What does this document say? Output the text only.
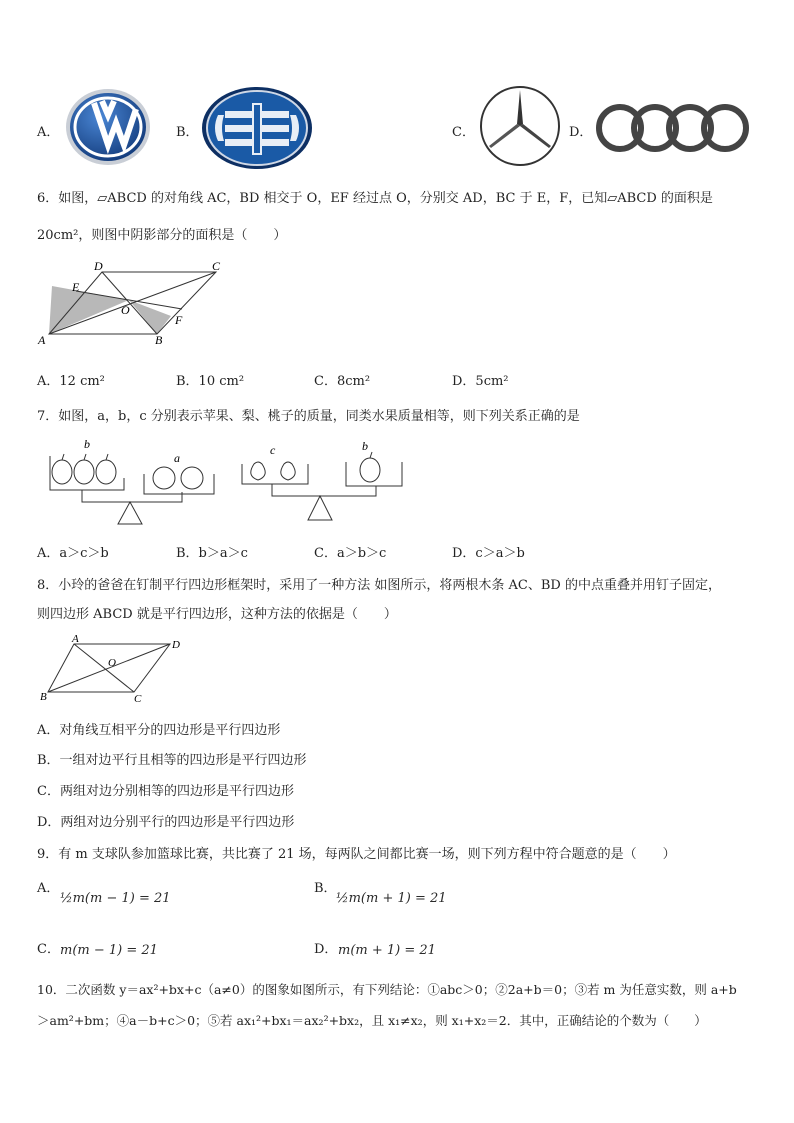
A．	B．	C．	D．
6．如图，▱ABCD 的对角线 AC，BD 相交于 O，EF 经过点 O，分别交 AD，BC 于 E，F，已知▱ABCD 的面积是
20cm²，则图中阴影部分的面积是（　　）
D	C
E
O
F
A	B
A．12 cm²	B．10 cm²	C．8cm²	D．5cm²
7．如图，a，b，c 分别表示苹果、梨、桃子的质量，同类水果质量相等，则下列关系正确的是
b
a
c	b
A．a＞c＞b	B．b＞a＞c	C．a＞b＞c	D．c＞a＞b
8．小玲的爸爸在钉制平行四边形框架时，采用了一种方法 如图所示，将两根木条 AC、BD 的中点重叠并用钉子固定，
则四边形 ABCD 就是平行四边形，这种方法的依据是（　　）
A	D
O
B	C
A．对角线互相平分的四边形是平行四边形
B．一组对边平行且相等的四边形是平行四边形
C．两组对边分别相等的四边形是平行四边形
D．两组对边分别平行的四边形是平行四边形
9．有 m 支球队参加篮球比赛，共比赛了 21 场，每两队之间都比赛一场，则下列方程中符合题意的是（　　）
A．
½m(m − 1) = 21
B．
½m(m + 1) = 21
C． m(m − 1) = 21	D． m(m + 1) = 21
10．二次函数 y＝ax²+bx+c（a≠0）的图象如图所示，有下列结论：①abc＞0；②2a+b＝0；③若 m 为任意实数，则 a+b
＞am²+bm；④a－b+c＞0；⑤若 ax₁²+bx₁＝ax₂²+bx₂，且 x₁≠x₂，则 x₁+x₂＝2．其中，正确结论的个数为（　　）
